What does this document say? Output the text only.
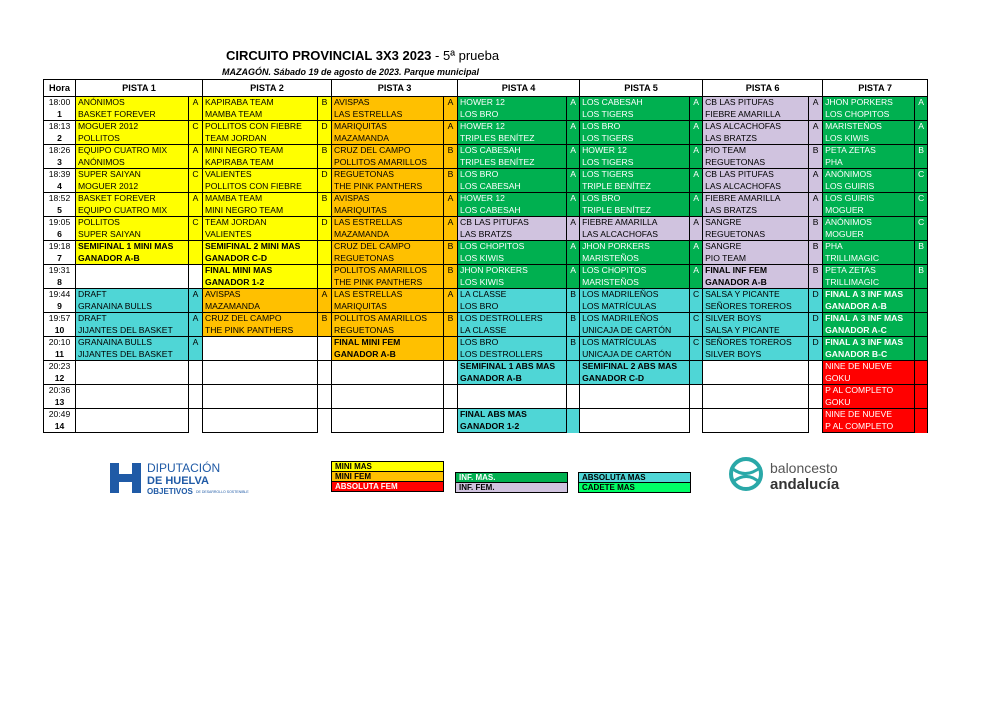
CIRCUITO PROVINCIAL 3X3 2023 - 5ª prueba
MAZAGÓN. Sábado 19 de agosto de 2023. Parque municipal
Hora	PISTA 1		PISTA 2		PISTA 3		PISTA 4		PISTA 5		PISTA 6		PISTA 7	
18:00	ANÓNIMOS	A	KAPIRABA TEAM	B	AVISPAS	A	HOWER 12	A	LOS CABESAH	A	CB LAS PITUFAS	A	JHON PORKERS	A
1	BASKET FOREVER		MAMBA TEAM		LAS ESTRELLAS		LOS BRO		LOS TIGERS		FIEBRE AMARILLA		LOS CHOPITOS	
18:13	MOGUER 2012	C	POLLITOS CON FIEBRE	D	MARIQUITAS	A	HOWER 12	A	LOS BRO	A	LAS ALCACHOFAS	A	MARISTEÑOS	A
2	POLLITOS		TEAM JORDAN		MAZAMANDA		TRIPLES BENÍTEZ		LOS TIGERS		LAS BRATZS		LOS KIWIS	
18:26	EQUIPO CUATRO MIX	A	MINI NEGRO TEAM	B	CRUZ DEL CAMPO	B	LOS CABESAH	A	HOWER 12	A	PIO TEAM	B	PETA ZETAS	B
3	ANÓNIMOS		KAPIRABA TEAM		POLLITOS AMARILLOS		TRIPLES BENÍTEZ		LOS TIGERS		REGUETONAS		PHA	
18:39	SUPER SAIYAN	C	VALIENTES	D	REGUETONAS	B	LOS BRO	A	LOS TIGERS	A	CB LAS PITUFAS	A	ANÓNIMOS	C
4	MOGUER 2012		POLLITOS CON FIEBRE		THE PINK PANTHERS		LOS CABESAH		TRIPLE BENÍTEZ		LAS ALCACHOFAS		LOS GUIRIS	
18:52	BASKET FOREVER	A	MAMBA TEAM	B	AVISPAS	A	HOWER 12	A	LOS BRO	A	FIEBRE AMARILLA	A	LOS GUIRIS	C
5	EQUIPO CUATRO MIX		MINI NEGRO TEAM		MARIQUITAS		LOS CABESAH		TRIPLE BENÍTEZ		LAS BRATZS		MOGUER	
19:05	POLLITOS	C	TEAM JORDAN	D	LAS ESTRELLAS	A	CB LAS PITUFAS	A	FIEBRE AMARILLA	A	SANGRE	B	ANÓNIMOS	C
6	SUPER SAIYAN		VALIENTES		MAZAMANDA		LAS BRATZS		LAS ALCACHOFAS		REGUETONAS		MOGUER	
19:18	SEMIFINAL 1 MINI MAS		SEMIFINAL 2 MINI MAS		CRUZ DEL CAMPO	B	LOS CHOPITOS	A	JHON PORKERS	A	SANGRE	B	PHA	B
7	GANADOR A-B		GANADOR C-D		REGUETONAS		LOS KIWIS		MARISTEÑOS		PIO TEAM		TRILLIMAGIC	
19:31			FINAL MINI MAS		POLLITOS AMARILLOS	B	JHON PORKERS	A	LOS CHOPITOS	A	FINAL INF FEM	B	PETA ZETAS	B
8			GANADOR 1-2		THE PINK PANTHERS		LOS KIWIS		MARISTEÑOS		GANADOR A-B		TRILLIMAGIC	
19:44	DRAFT	A	AVISPAS	A	LAS ESTRELLAS	A	LA CLASSE	B	LOS MADRILEÑOS	C	SALSA Y PICANTE	D	FINAL A 3 INF MAS	
9	GRANAINA BULLS		MAZAMANDA		MARIQUITAS		LOS BRO		LOS MATRÍCULAS		SEÑORES TOREROS		GANADOR A-B	
19:57	DRAFT	A	CRUZ DEL CAMPO	B	POLLITOS AMARILLOS	B	LOS DESTROLLERS	B	LOS MADRILEÑOS	C	SILVER BOYS	D	FINAL A 3 INF MAS	
10	JIJANTES DEL BASKET		THE PINK PANTHERS		REGUETONAS		LA CLASSE		UNICAJA DE CARTÓN		SALSA Y PICANTE		GANADOR A-C	
20:10	GRANAINA BULLS	A			FINAL MINI FEM		LOS BRO	B	LOS MATRÍCULAS	C	SEÑORES TOREROS	D	FINAL A 3 INF MAS	
11	JIJANTES DEL BASKET				GANADOR A-B		LOS DESTROLLERS		UNICAJA DE CARTÓN		SILVER BOYS		GANADOR B-C	
20:23							SEMIFINAL 1 ABS MAS		SEMIFINAL 2 ABS MAS				NINE DE NUEVE	
12							GANADOR A-B		GANADOR C-D				GOKU	
20:36													P AL COMPLETO	
13													GOKU	
20:49							FINAL ABS MAS						NINE DE NUEVE	
14							GANADOR 1-2						P AL COMPLETO	
DIPUTACIÓN
DE HUELVA
OBJETIVOS DE DESARROLLO SOSTENIBLE
MINI MAS
MINI FEM
ABSOLUTA FEM
INF. MAS.
INF. FEM.
ABSOLUTA MAS
CADETE MAS
baloncesto
andalucía
